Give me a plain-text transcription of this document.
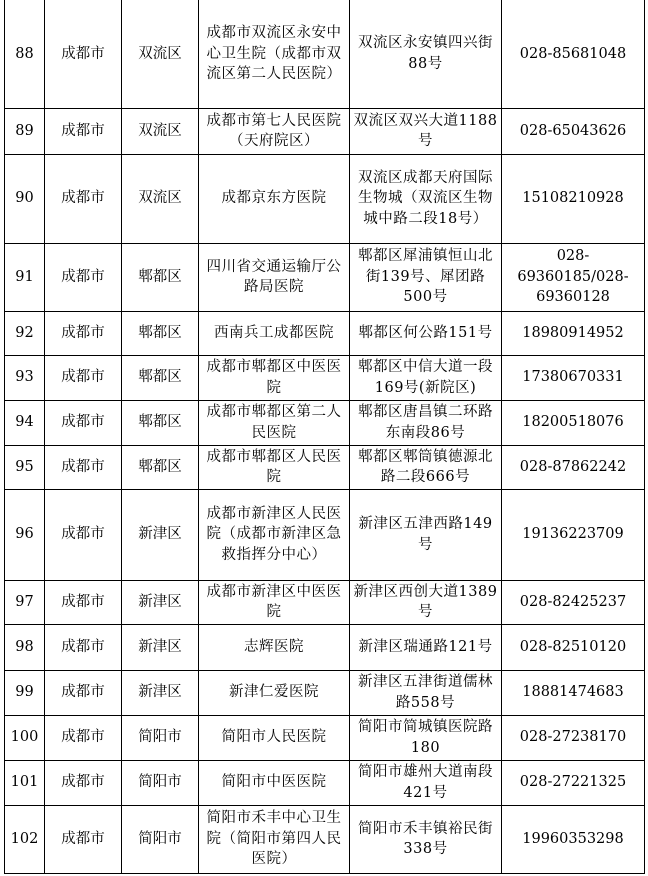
88	成都市	双流区	成都市双流区永安中心卫生院（成都市双流区第二人民医院）	双流区永安镇四兴街88号	028-85681048
89	成都市	双流区	成都市第七人民医院（天府院区）	双流区双兴大道1188号	028-65043626
90	成都市	双流区	成都京东方医院	双流区成都天府国际生物城（双流区生物城中路二段18号）	15108210928
91	成都市	郫都区	四川省交通运输厅公路局医院	郫都区犀浦镇恒山北街139号、犀团路500号	028-69360185/028-69360128
92	成都市	郫都区	西南兵工成都医院	郫都区何公路151号	18980914952
93	成都市	郫都区	成都市郫都区中医医院	郫都区中信大道一段169号(新院区)	17380670331
94	成都市	郫都区	成都市郫都区第二人民医院	郫都区唐昌镇二环路东南段86号	18200518076
95	成都市	郫都区	成都市郫都区人民医院	郫都区郫筒镇德源北路二段666号	028-87862242
96	成都市	新津区	成都市新津区人民医院（成都市新津区急救指挥分中心）	新津区五津西路149号	19136223709
97	成都市	新津区	成都市新津区中医医院	新津区西创大道1389号	028-82425237
98	成都市	新津区	志辉医院	新津区瑞通路121号	028-82510120
99	成都市	新津区	新津仁爱医院	新津区五津街道儒林路558号	18881474683
100	成都市	简阳市	简阳市人民医院	简阳市简城镇医院路180	028-27238170
101	成都市	简阳市	简阳市中医医院	简阳市雄州大道南段421号	028-27221325
102	成都市	简阳市	简阳市禾丰中心卫生院（简阳市第四人民医院）	简阳市禾丰镇裕民街338号	19960353298
